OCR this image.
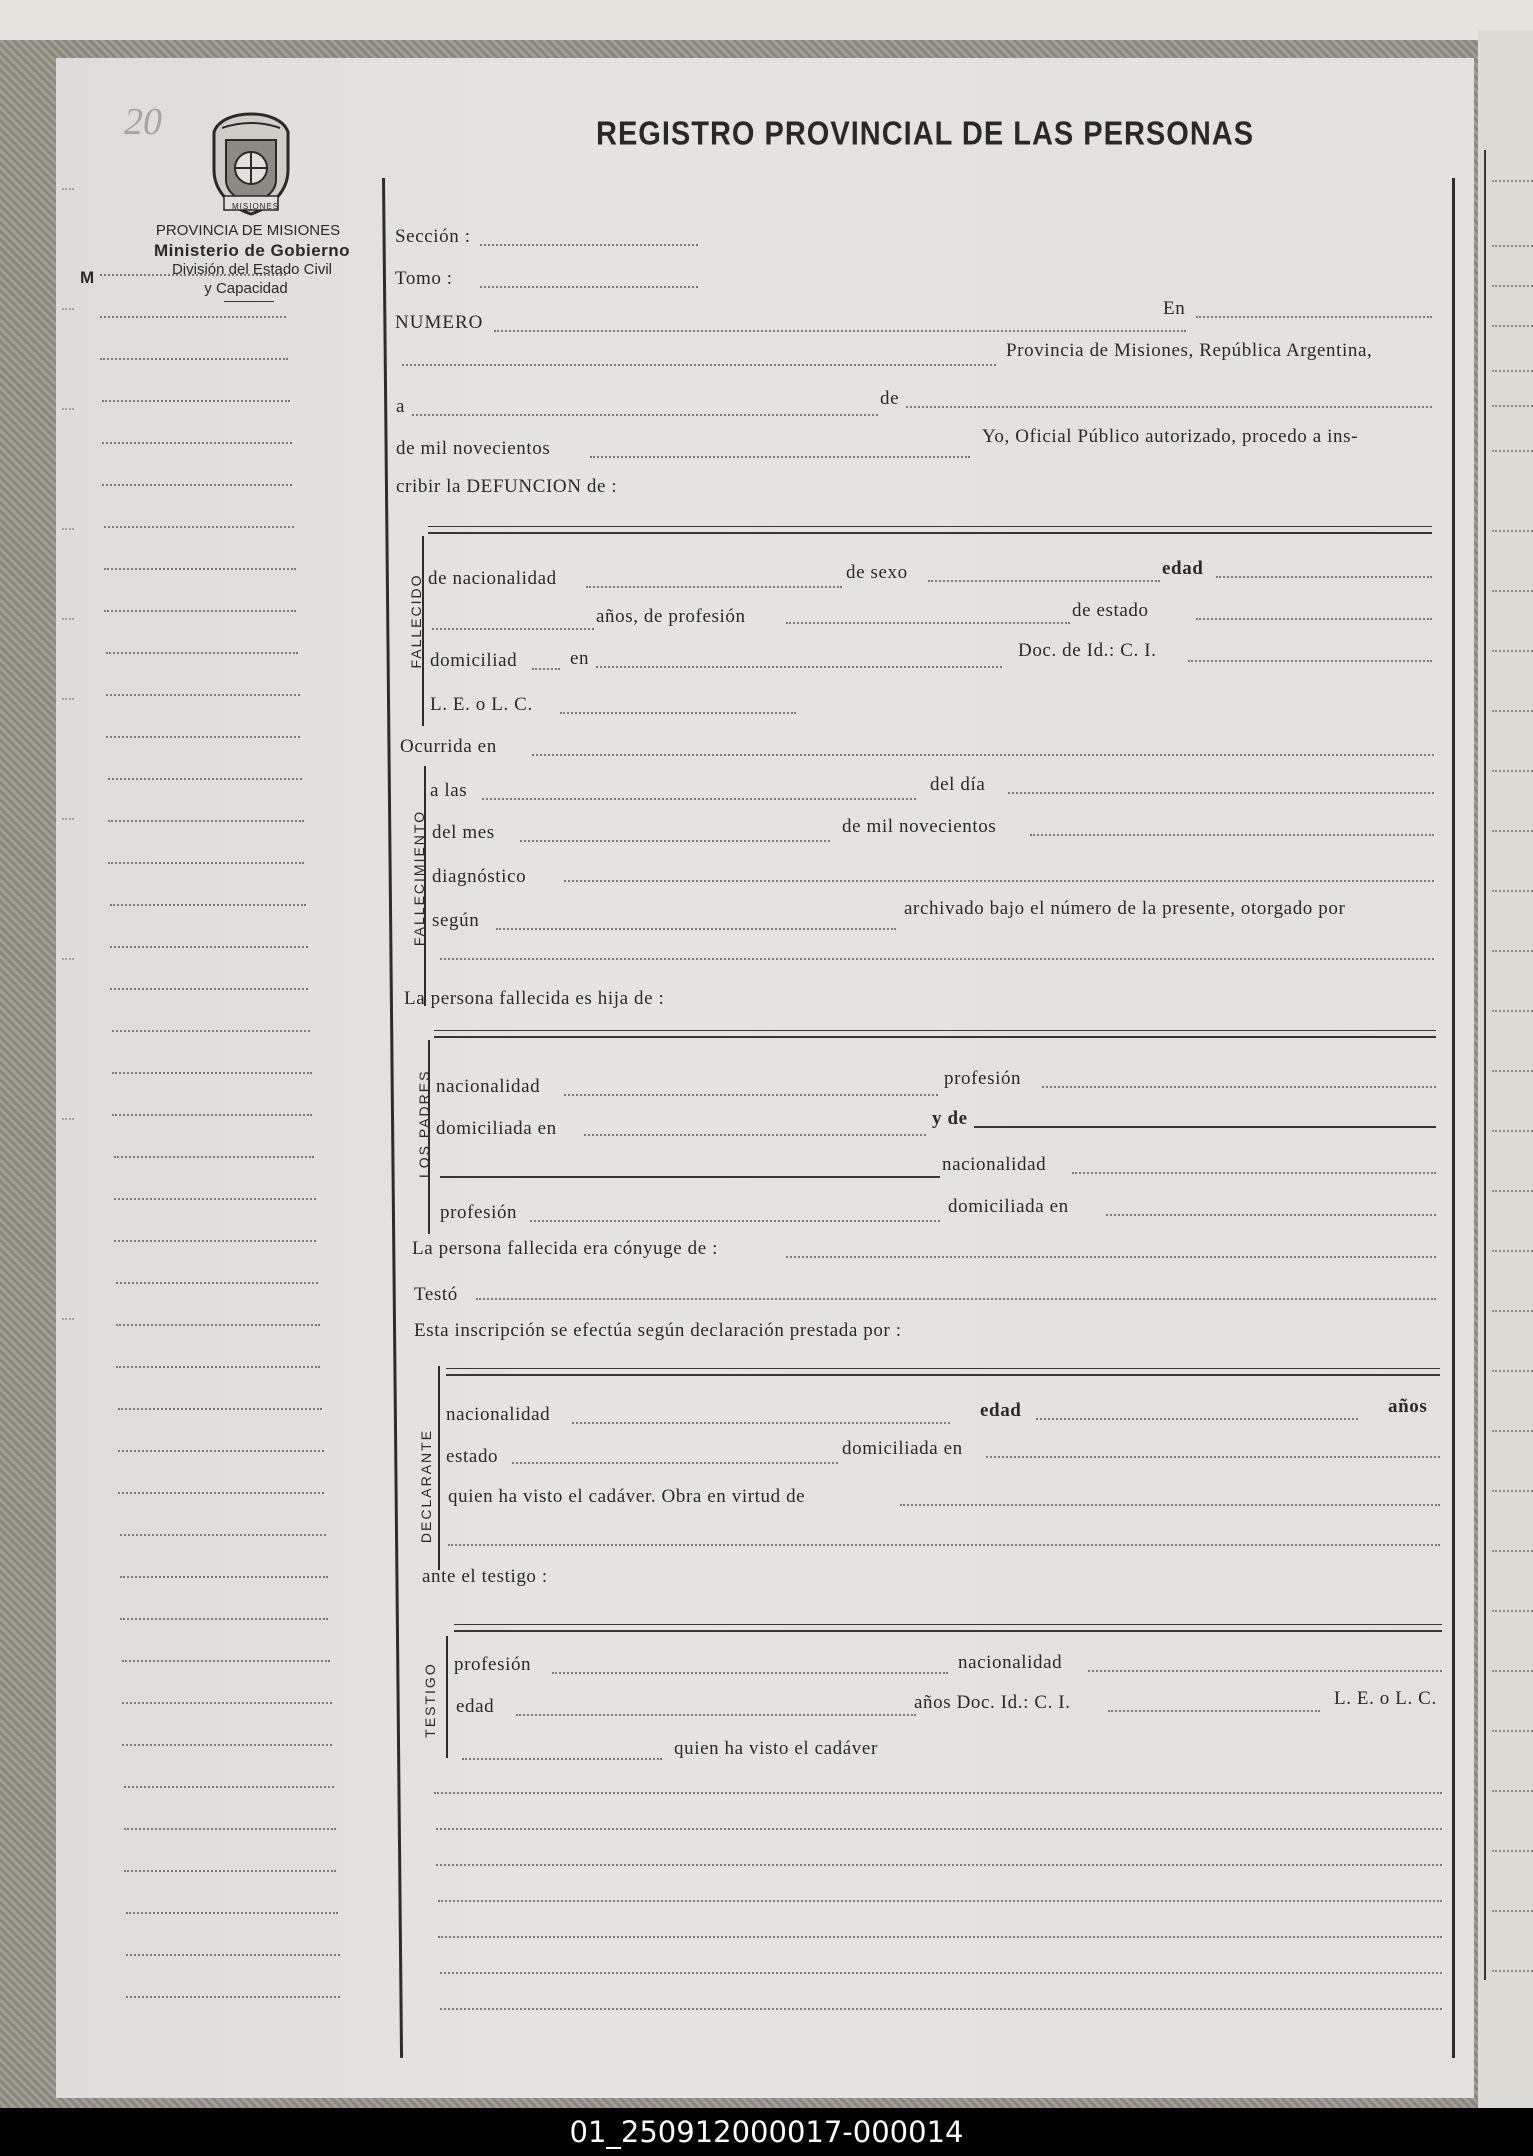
20
M
MISIONES
PROVINCIA DE MISIONES
Ministerio de Gobierno
División del Estado Civil
y Capacidad
REGISTRO PROVINCIAL DE LAS PERSONAS
Sección :
Tomo :
NUMERO
En
Provincia de Misiones, República Argentina,
a	de
de mil novecientos
Yo, Oficial Público autorizado, procedo a ins-
cribir la DEFUNCION de :
FALLECIDO de nacionalidad	de sexo	edad
años, de profesión	de estado
domiciliad	en	Doc. de Id.: C. I.
L. E. o L. C.
Ocurrida en
FALLECIMIENTO
a las	del día
del mes	de mil novecientos
diagnóstico
según
archivado bajo el número de la presente, otorgado por
La persona fallecida es hija de :
LOS PADRES nacionalidad	profesión
domiciliada en	y de
nacionalidad
profesión	domiciliada en
La persona fallecida era cónyuge de :
Testó
Esta inscripción se efectúa según declaración prestada por :
DECLARANTE
nacionalidad	edad	años
estado	domiciliada en
quien ha visto el cadáver. Obra en virtud de
ante el testigo :
TESTIGO profesión	nacionalidad
edad	años Doc. Id.: C. I.	L. E. o L. C.
quien ha visto el cadáver
01_250912000017-000014
